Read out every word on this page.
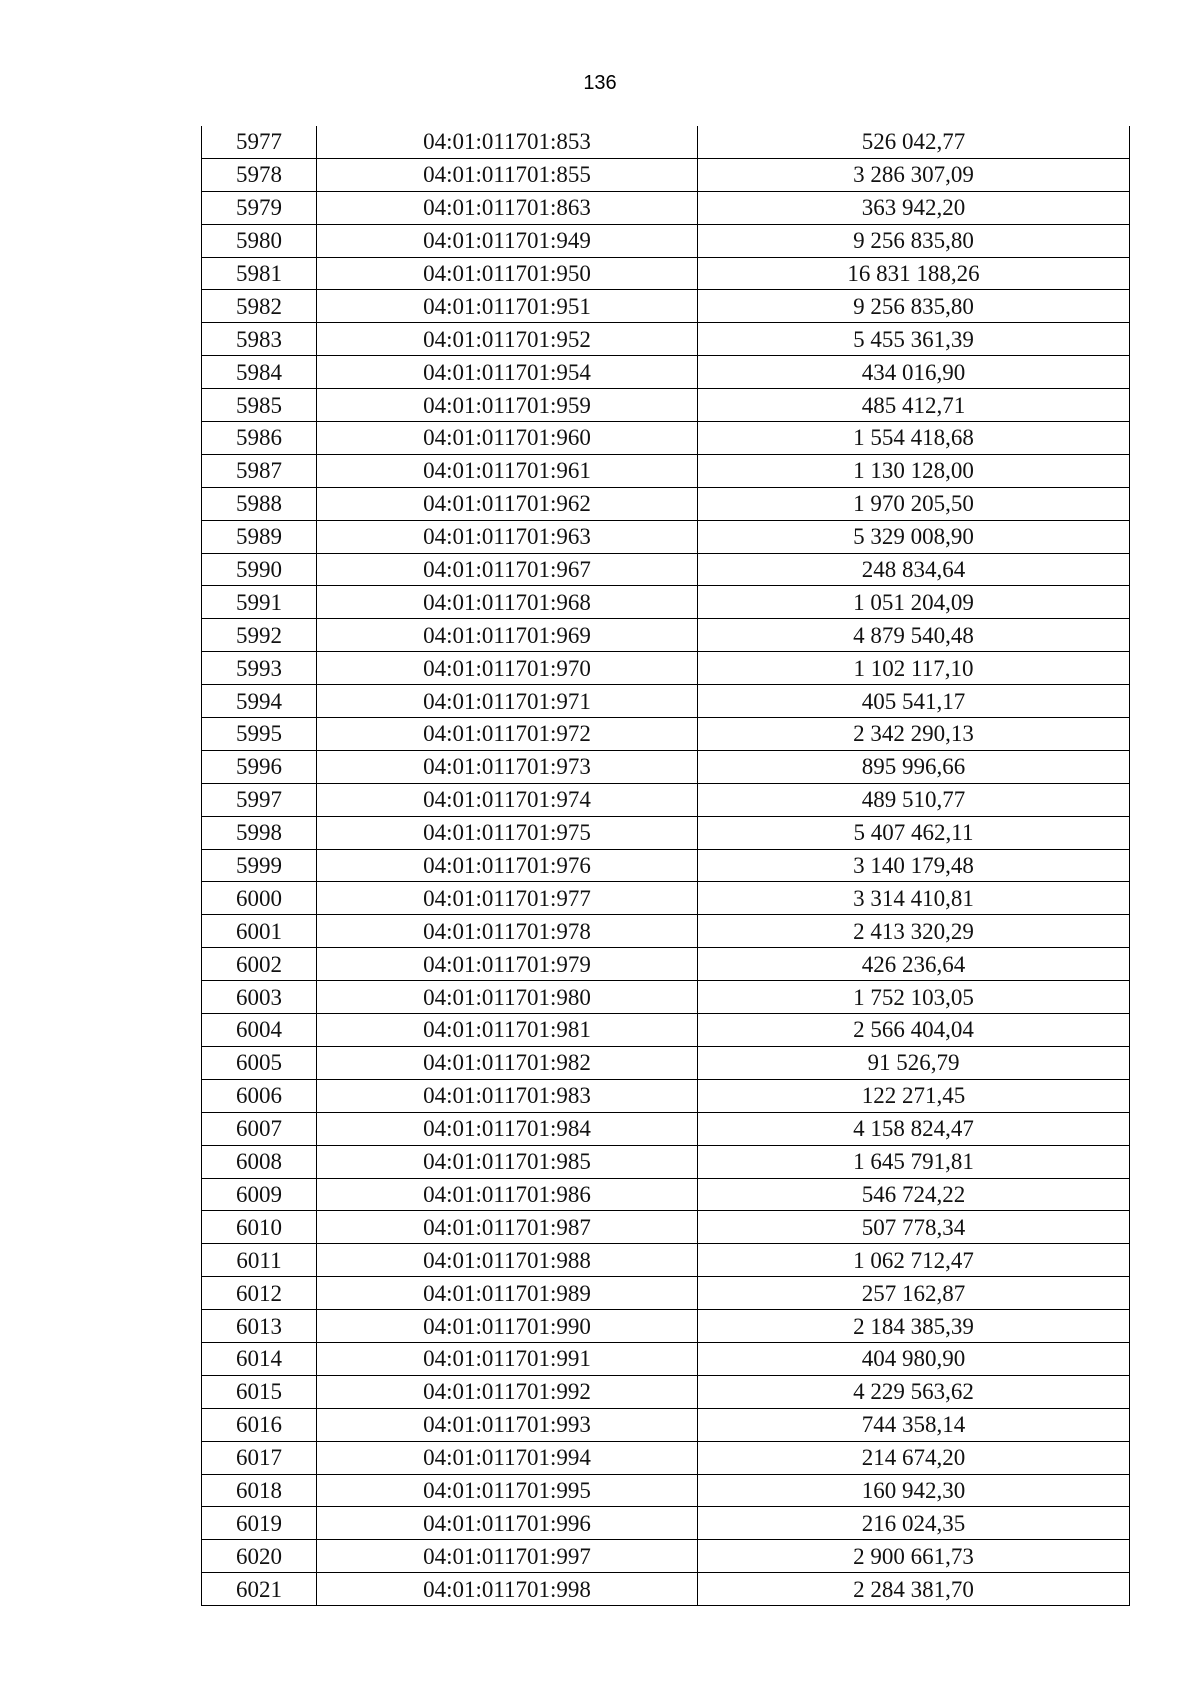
136
5977	04:01:011701:853	526 042,77
5978	04:01:011701:855	3 286 307,09
5979	04:01:011701:863	363 942,20
5980	04:01:011701:949	9 256 835,80
5981	04:01:011701:950	16 831 188,26
5982	04:01:011701:951	9 256 835,80
5983	04:01:011701:952	5 455 361,39
5984	04:01:011701:954	434 016,90
5985	04:01:011701:959	485 412,71
5986	04:01:011701:960	1 554 418,68
5987	04:01:011701:961	1 130 128,00
5988	04:01:011701:962	1 970 205,50
5989	04:01:011701:963	5 329 008,90
5990	04:01:011701:967	248 834,64
5991	04:01:011701:968	1 051 204,09
5992	04:01:011701:969	4 879 540,48
5993	04:01:011701:970	1 102 117,10
5994	04:01:011701:971	405 541,17
5995	04:01:011701:972	2 342 290,13
5996	04:01:011701:973	895 996,66
5997	04:01:011701:974	489 510,77
5998	04:01:011701:975	5 407 462,11
5999	04:01:011701:976	3 140 179,48
6000	04:01:011701:977	3 314 410,81
6001	04:01:011701:978	2 413 320,29
6002	04:01:011701:979	426 236,64
6003	04:01:011701:980	1 752 103,05
6004	04:01:011701:981	2 566 404,04
6005	04:01:011701:982	91 526,79
6006	04:01:011701:983	122 271,45
6007	04:01:011701:984	4 158 824,47
6008	04:01:011701:985	1 645 791,81
6009	04:01:011701:986	546 724,22
6010	04:01:011701:987	507 778,34
6011	04:01:011701:988	1 062 712,47
6012	04:01:011701:989	257 162,87
6013	04:01:011701:990	2 184 385,39
6014	04:01:011701:991	404 980,90
6015	04:01:011701:992	4 229 563,62
6016	04:01:011701:993	744 358,14
6017	04:01:011701:994	214 674,20
6018	04:01:011701:995	160 942,30
6019	04:01:011701:996	216 024,35
6020	04:01:011701:997	2 900 661,73
6021	04:01:011701:998	2 284 381,70
